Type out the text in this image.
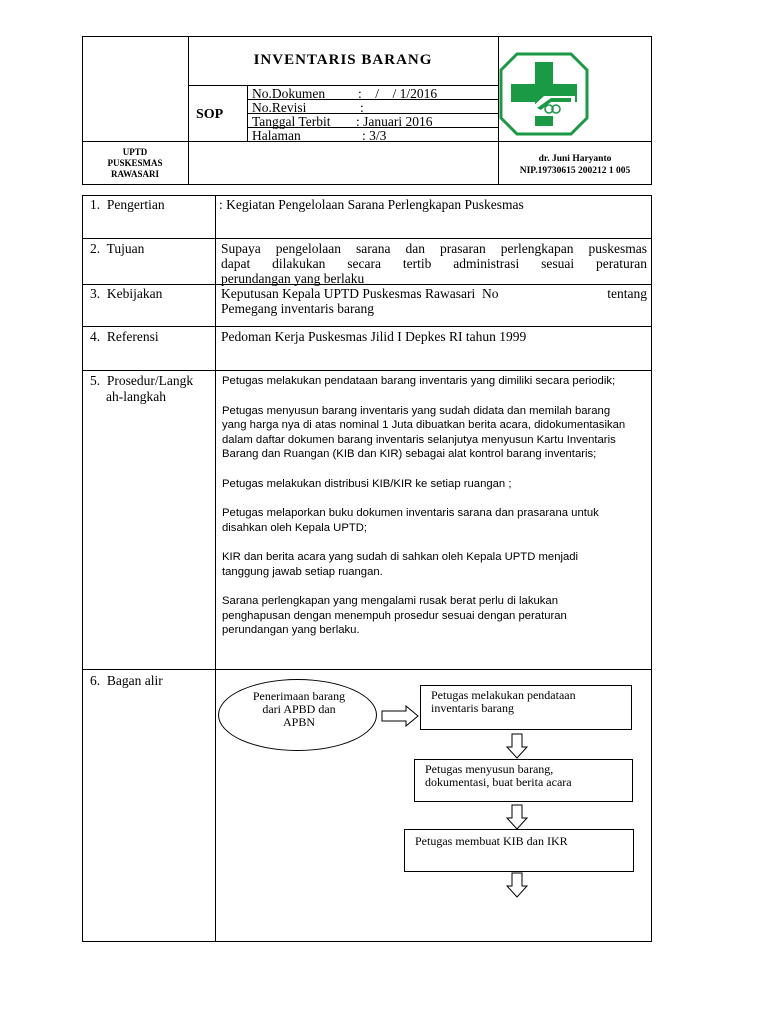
INVENTARIS BARANG
SOP
No.Dokumen :    /    / 1/2016
No.Revisi	:
Tanggal Terbit : Januari 2016
Halaman	: 3/3
UPTD
PUSKESMAS
RAWASARI
dr. Juni Haryanto
NIP.19730615 200212 1 005
1.  Pengertian	: Kegiatan Pengelolaan Sarana Perlengkapan Puskesmas
2.  Tujuan	Supaya pengelolaan sarana dan prasaran perlengkapan puskesmas
dapat dilakukan secara tertib administrasi sesuai peraturan
perundangan yang berlaku
3.  Kebijakan	Keputusan Kepala UPTD Puskesmas Rawasari  No	tentang
Pemegang inventaris barang
4.  Referensi	Pedoman Kerja Puskesmas Jilid I Depkes RI tahun 1999
5.  Prosedur/Langk
ah-langkah

Petugas melakukan pendataan barang inventaris yang dimiliki secara periodik;

Petugas menyusun barang inventaris yang sudah didata dan memilah barang yang harga nya di atas nominal 1 Juta dibuatkan berita acara, didokumentasikan dalam daftar dokumen barang inventaris selanjutya menyusun Kartu Inventaris Barang dan Ruangan (KIB dan KIR) sebagai alat kontrol barang inventaris;

Petugas melakukan distribusi KIB/KIR ke setiap ruangan ;

Petugas melaporkan buku dokumen inventaris sarana dan prasarana untuk disahkan oleh Kepala UPTD;

KIR dan berita acara yang sudah di sahkan oleh Kepala UPTD menjadi tanggung jawab setiap ruangan.

Sarana perlengkapan yang mengalami rusak berat perlu di lakukan penghapusan dengan menempuh prosedur sesuai dengan peraturan perundangan yang berlaku.

6.  Bagan alir
Penerimaan barang dari APBD dan APBN
Petugas melakukan pendataan inventaris barang
Petugas menyusun barang, dokumentasi, buat berita acara
Petugas membuat KIB dan IKR
